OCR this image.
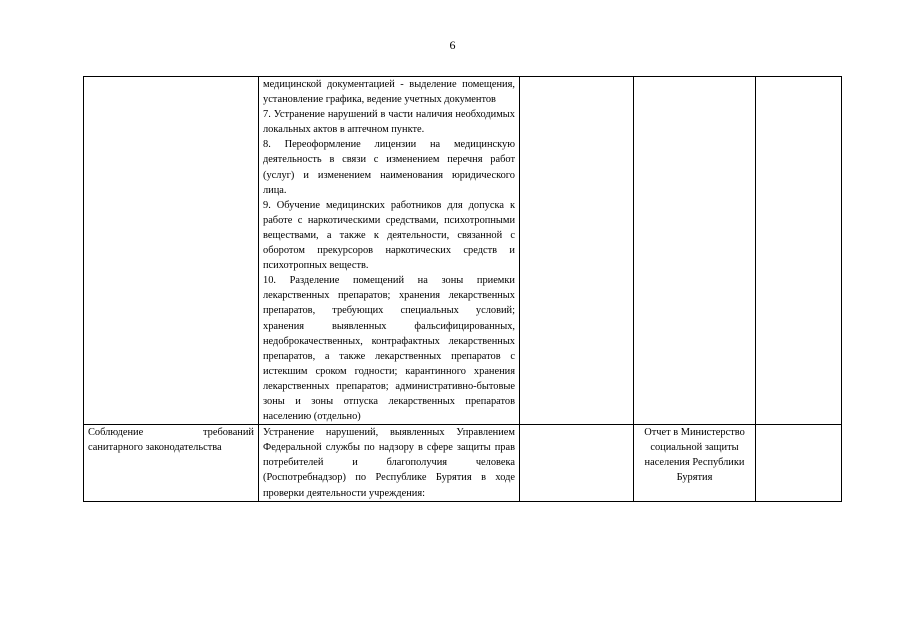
6

	медицинской документацией - выделение помещения, установление графика, ведение учетных документов
7. Устранение нарушений в части наличия необходимых локальных актов в аптечном пункте.
8. Переоформление лицензии на медицинскую деятельность в связи с изменением перечня работ (услуг) и изменением наименования юридического лица.
9. Обучение медицинских работников для допуска к работе с наркотическими средствами, психотропными веществами, а также к деятельности, связанной с оборотом прекурсоров наркотических средств и психотропных веществ.
10. Разделение помещений на зоны приемки лекарственных препаратов; хранения лекарственных препаратов, требующих специальных условий; хранения выявленных фальсифицированных, недоброкачественных, контрафактных лекарственных препаратов, а также лекарственных препаратов с истекшим сроком годности; карантинного хранения лекарственных препаратов; административно-бытовые зоны и зоны отпуска лекарственных препаратов населению (отдельно)			

Соблюдение требований санитарного законодательства	Устранение нарушений, выявленных Управлением Федеральной службы по надзору в сфере защиты прав потребителей и благополучия человека (Роспотребнадзор) по Республике Бурятия в ходе проверки деятельности учреждения:		Отчет в Министерство социальной защиты населения Республики Бурятия	
